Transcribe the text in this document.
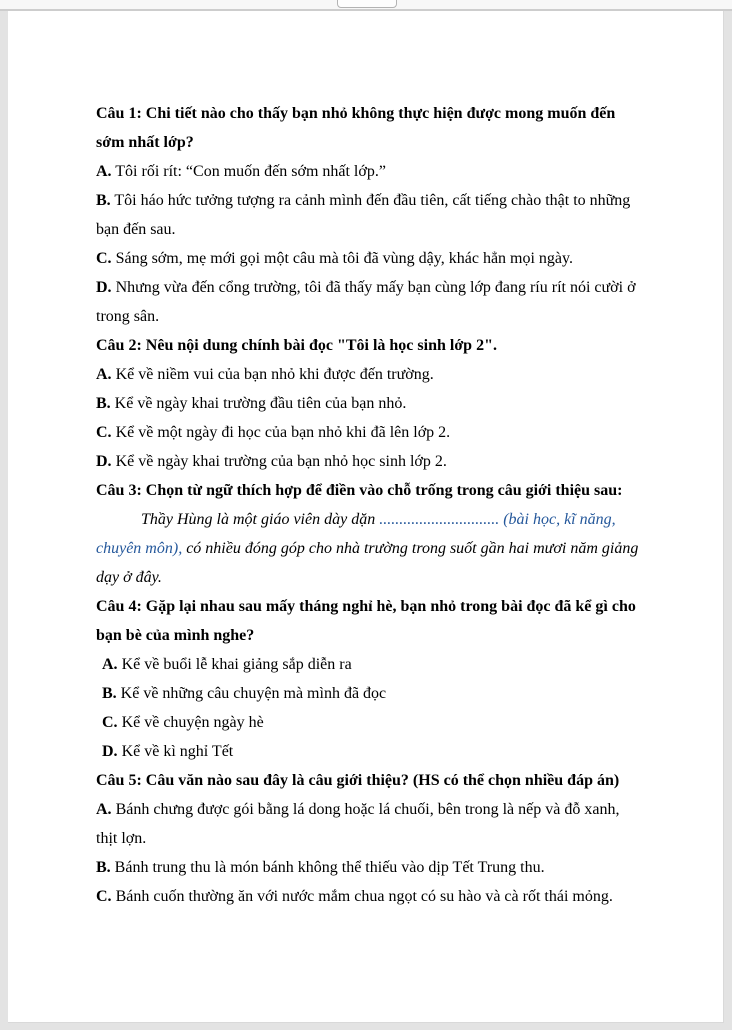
Câu 1: Chi tiết nào cho thấy bạn nhỏ không thực hiện được mong muốn đến sớm nhất lớp?

A. Tôi rối rít: “Con muốn đến sớm nhất lớp.”

B. Tôi háo hức tưởng tượng ra cảnh mình đến đầu tiên, cất tiếng chào thật to những bạn đến sau.

C. Sáng sớm, mẹ mới gọi một câu mà tôi đã vùng dậy, khác hẳn mọi ngày.

D. Nhưng vừa đến cổng trường, tôi đã thấy mấy bạn cùng lớp đang ríu rít nói cười ở trong sân.

Câu 2: Nêu nội dung chính bài đọc "Tôi là học sinh lớp 2".

A. Kể về niềm vui của bạn nhỏ khi được đến trường.

B. Kể về ngày khai trường đầu tiên của bạn nhỏ.

C. Kể về một ngày đi học của bạn nhỏ khi đã lên lớp 2.

D. Kể về ngày khai trường của bạn nhỏ học sinh lớp 2.

Câu 3: Chọn từ ngữ thích hợp để điền vào chỗ trống trong câu giới thiệu sau:

Thầy Hùng là một giáo viên dày dặn .............................. (bài học, kĩ năng, chuyên môn), có nhiều đóng góp cho nhà trường trong suốt gần hai mươi năm giảng dạy ở đây.

Câu 4: Gặp lại nhau sau mấy tháng nghỉ hè, bạn nhỏ trong bài đọc đã kể gì cho bạn bè của mình nghe?

A. Kể về buổi lễ khai giảng sắp diễn ra

B. Kể về những câu chuyện mà mình đã đọc

C. Kể về chuyện ngày hè

D. Kể về kì nghỉ Tết

Câu 5: Câu văn nào sau đây là câu giới thiệu? (HS có thể chọn nhiều đáp án)

A. Bánh chưng được gói bằng lá dong hoặc lá chuối, bên trong là nếp và đỗ xanh, thịt lợn.

B. Bánh trung thu là món bánh không thể thiếu vào dịp Tết Trung thu.

C. Bánh cuốn thường ăn với nước mắm chua ngọt có su hào và cà rốt thái mỏng.
